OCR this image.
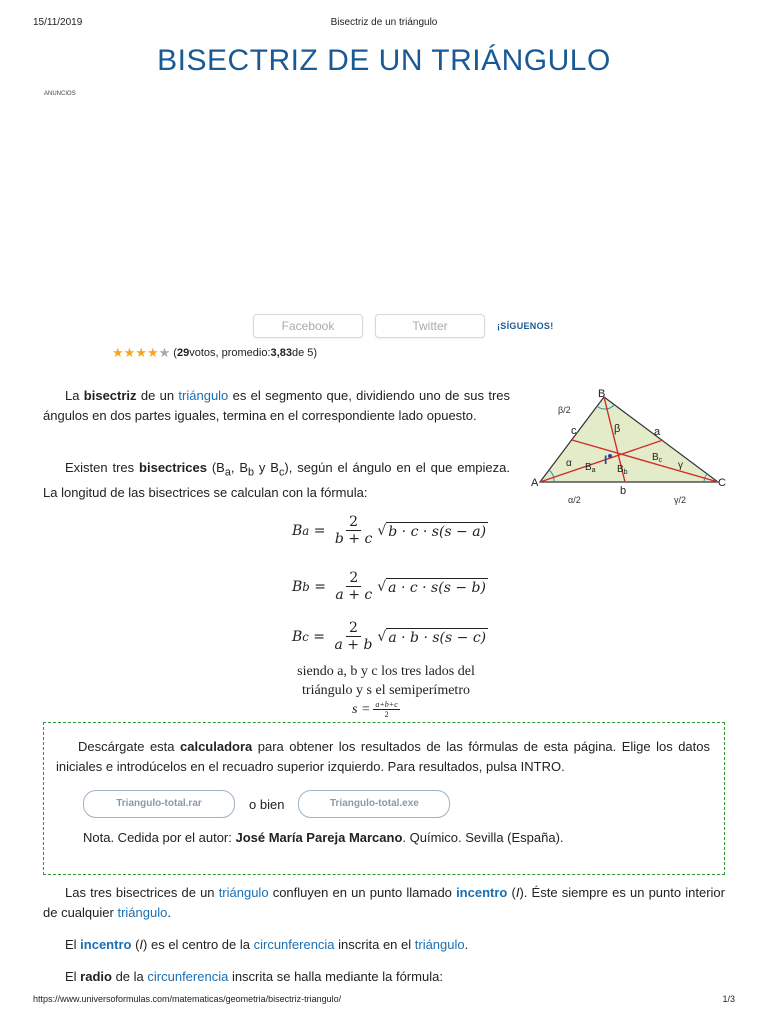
15/11/2019	Bisectriz de un triángulo
BISECTRIZ DE UN TRIÁNGULO
ANUNCIOS
Facebook	Twitter	¡SÍGUENOS!
★ ★ ★ ★ ★ ( 29 votos, promedio: 3,83 de 5)

La bisectriz de un triángulo es el segmento que, dividiendo uno de sus tres ángulos en dos partes iguales, termina en el correspondiente lado opuesto.

Existen tres bisectrices ($B_a$, $B_b$ y $B_c$), según el ángulo en el que empieza. La longitud de las bisectrices se calculan con la fórmula:

B
A	C
c	a
b
β/2
β
α	γ
α/2	γ/2
I
$B_a$ $B_b$
$B_c$
B $a = \frac{2}{b + c}$ √ b · c · s(s − a)
B $b = \frac{2}{a + c}$ √ a · c · s(s − b)
B $c = \frac{2}{a + b}$ √ a · b · s(s − c)
siendo a, b y c los tres lados del
triángulo y s el semiperímetro
$s = \frac{a+b+c}{2}$

Descárgate esta calculadora para obtener los resultados de las fórmulas de esta página. Elige los datos iniciales e introdúcelos en el recuadro superior izquierdo. Para resultados, pulsa INTRO.

Triangulo-total.rar	o bien	Triangulo-total.exe
Nota. Cedida por el autor: José María Pareja Marcano. Químico. Sevilla (España).

Las tres bisectrices de un triángulo confluyen en un punto llamado incentro (I). Éste siempre es un punto interior de cualquier triángulo.

El incentro (I) es el centro de la circunferencia inscrita en el triángulo.

El radio de la circunferencia inscrita se halla mediante la fórmula:

https://www.universoformulas.com/matematicas/geometria/bisectriz-triangulo/	1/3
